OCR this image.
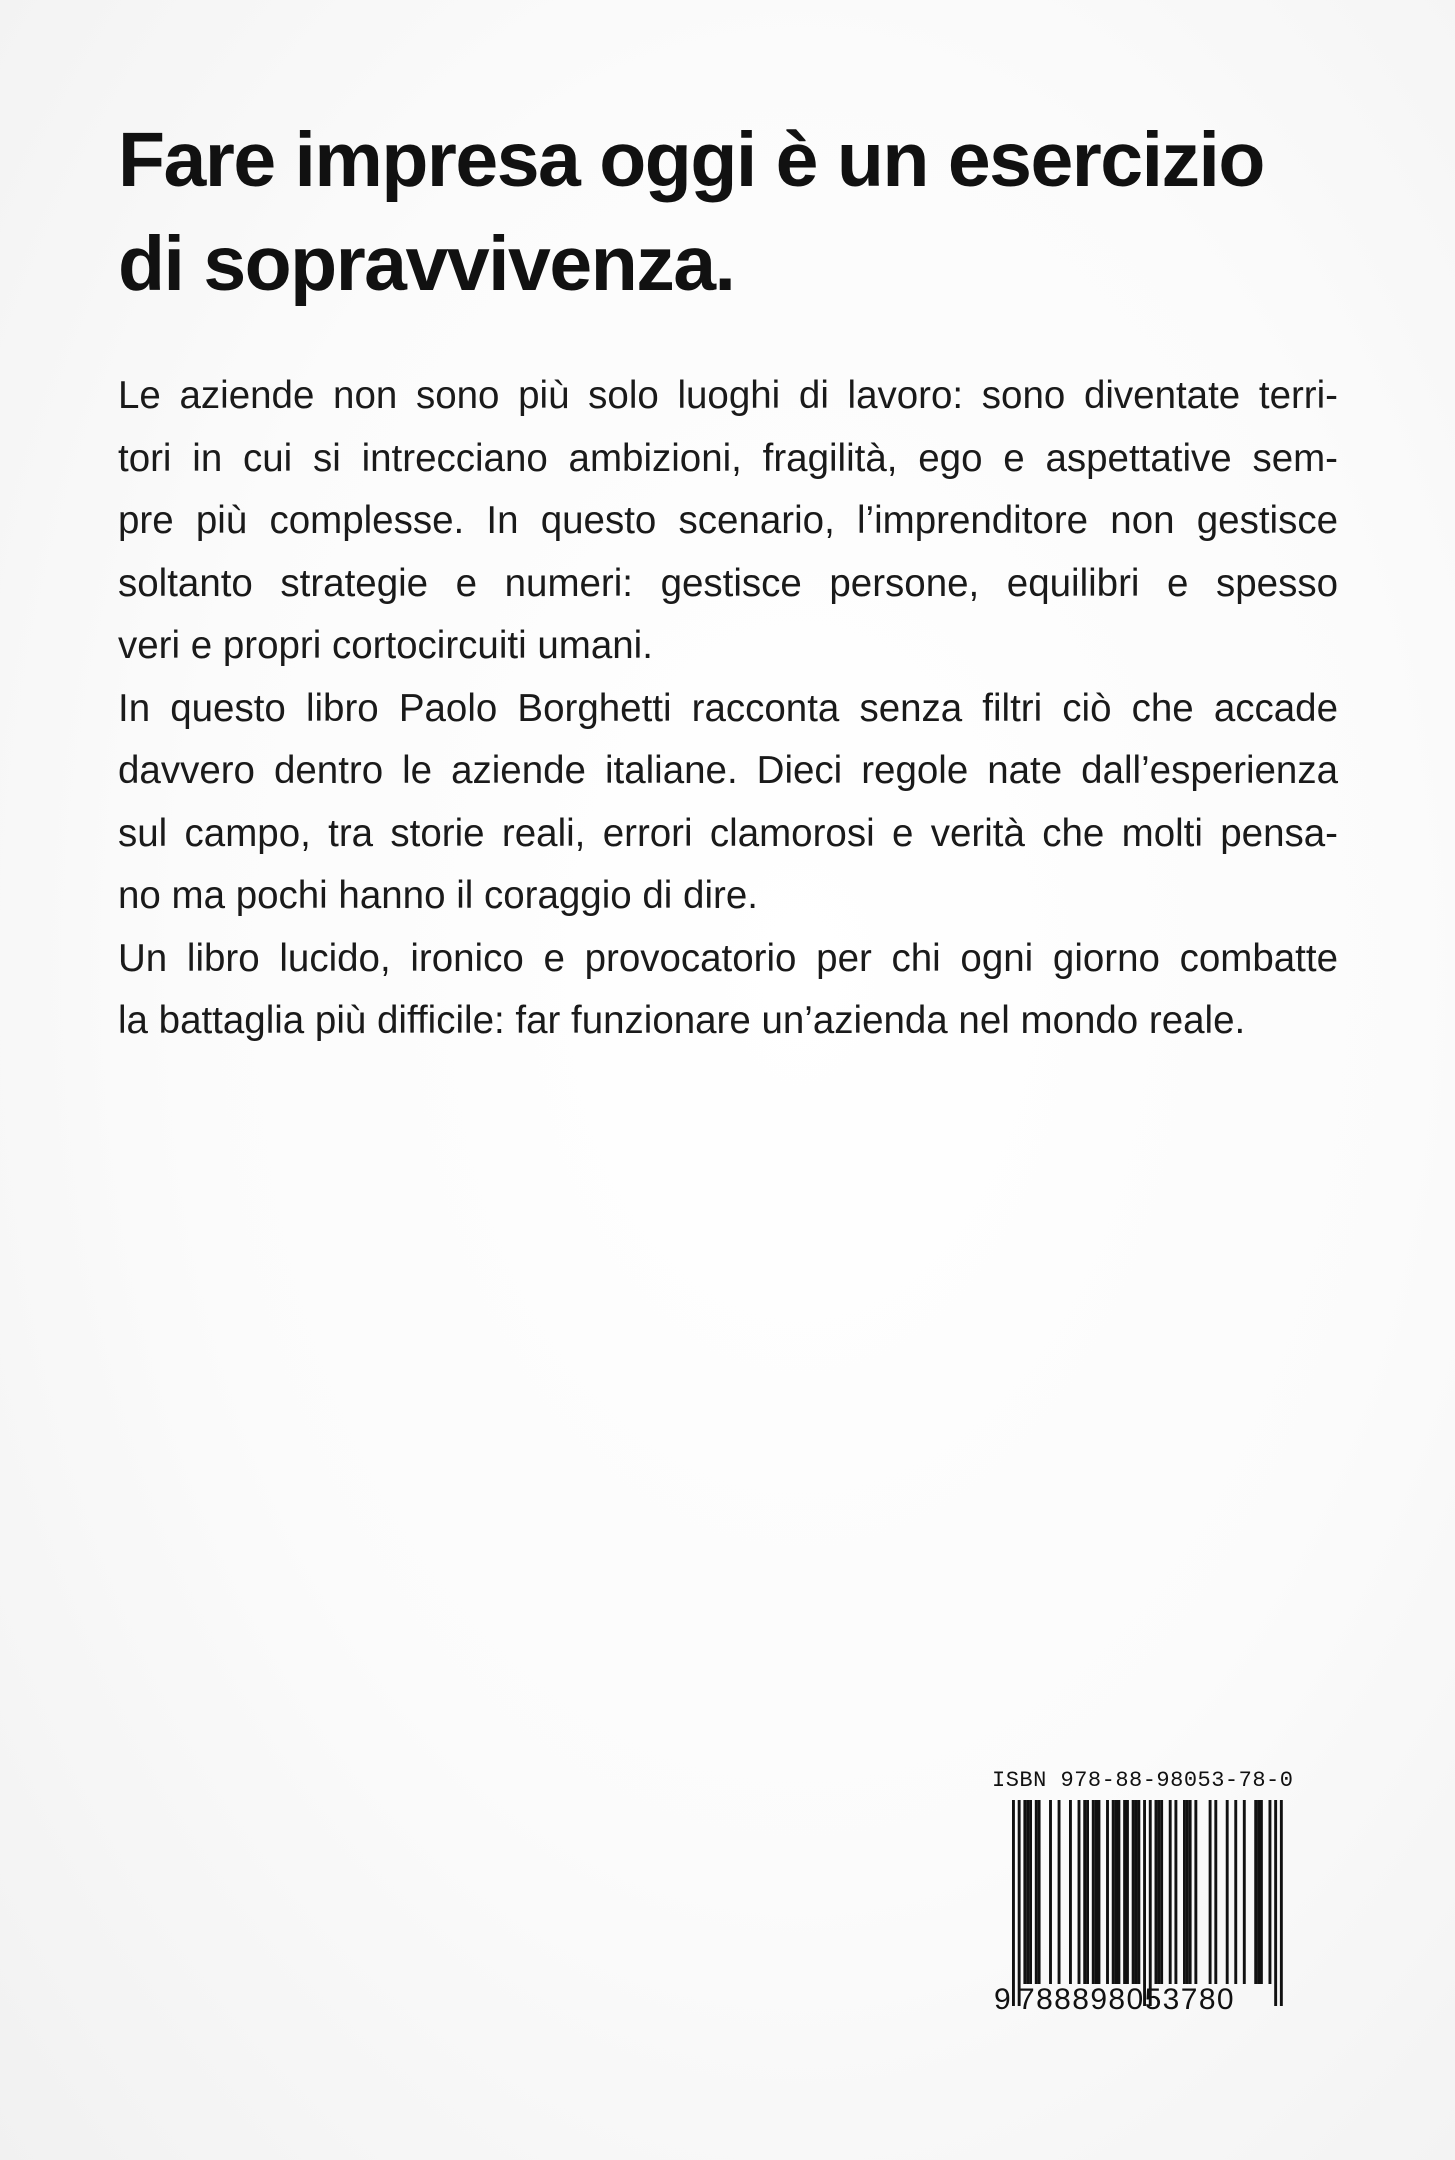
Fare impresa oggi è un esercizio
di sopravvivenza.
Le aziende non sono più solo luoghi di lavoro: sono diventate terri-
tori in cui si intrecciano ambizioni, fragilità, ego e aspettative sem-
pre più complesse. In questo scenario, l’imprenditore non gestisce
soltanto strategie e numeri: gestisce persone, equilibri e spesso
veri e propri cortocircuiti umani.
In questo libro Paolo Borghetti racconta senza filtri ciò che accade
davvero dentro le aziende italiane. Dieci regole nate dall’esperienza
sul campo, tra storie reali, errori clamorosi e verità che molti pensa-
no ma pochi hanno il coraggio di dire.
Un libro lucido, ironico e provocatorio per chi ogni giorno combatte
la battaglia più difficile: far funzionare un’azienda nel mondo reale.
ISBN 978-88-98053-78-0
9 788898053780
